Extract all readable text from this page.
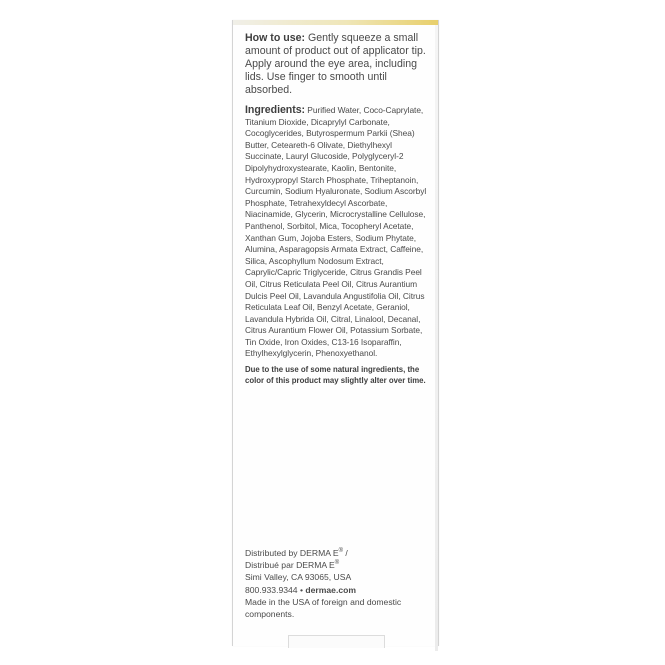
How to use: Gently squeeze a small amount of product out of applicator tip. Apply around the eye area, including lids. Use finger to smooth until absorbed.

Ingredients: Purified Water, Coco-Caprylate, Titanium Dioxide, Dicaprylyl Carbonate, Cocoglycerides, Butyrospermum Parkii (Shea) Butter, Ceteareth-6 Olivate, Diethylhexyl Succinate, Lauryl Glucoside, Polyglyceryl-2 Dipolyhydroxystearate, Kaolin, Bentonite, Hydroxypropyl Starch Phosphate, Triheptanoin, Curcumin, Sodium Hyaluronate, Sodium Ascorbyl Phosphate, Tetrahexyldecyl Ascorbate, Niacinamide, Glycerin, Microcrystalline Cellulose, Panthenol, Sorbitol, Mica, Tocopheryl Acetate, Xanthan Gum, Jojoba Esters, Sodium Phytate, Alumina, Asparagopsis Armata Extract, Caffeine, Silica, Ascophyllum Nodosum Extract, Caprylic/Capric Triglyceride, Citrus Grandis Peel Oil, Citrus Reticulata Peel Oil, Citrus Aurantium Dulcis Peel Oil, Lavandula Angustifolia Oil, Citrus Reticulata Leaf Oil, Benzyl Acetate, Geraniol, Lavandula Hybrida Oil, Citral, Linalool, Decanal, Citrus Aurantium Flower Oil, Potassium Sorbate, Tin Oxide, Iron Oxides, C13-16 Isoparaffin, Ethylhexylglycerin, Phenoxyethanol.

Due to the use of some natural ingredients, the color of this product may slightly alter over time.

Distributed by DERMA E® /
Distribué par DERMA E®
Simi Valley, CA 93065, USA
800.933.9344 • dermae.com
Made in the USA of foreign and domestic components.
